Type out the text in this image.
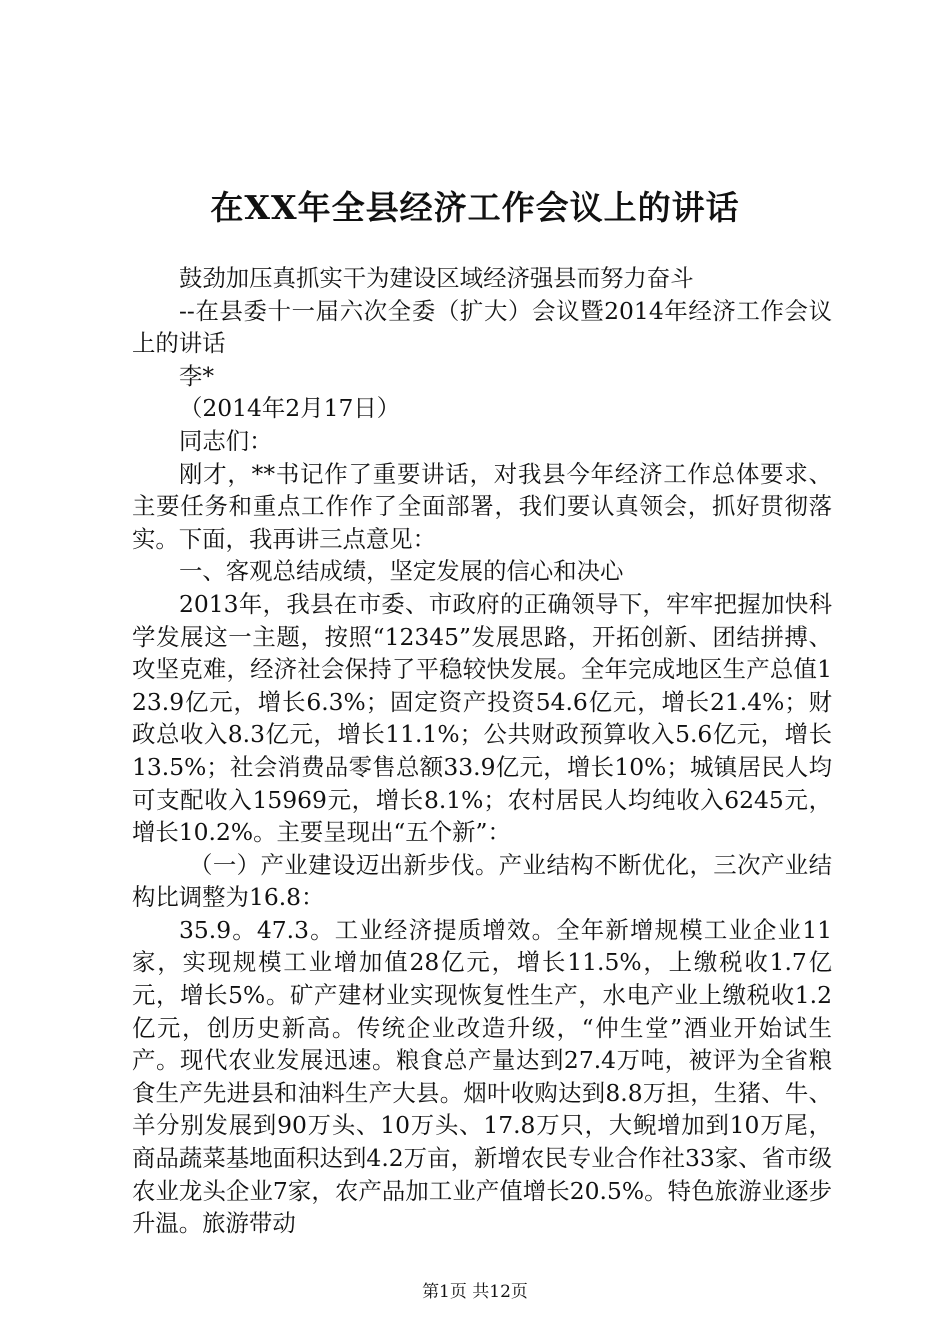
在XX年全县经济工作会议上的讲话

鼓劲加压真抓实干为建设区域经济强县而努力奋斗

--在县委十一届六次全委（扩大）会议暨2014年经济工作会议上的讲话

李*

（2014年2月17日）

同志们：

刚才，**书记作了重要讲话，对我县今年经济工作总体要求、主要任务和重点工作作了全面部署，我们要认真领会，抓好贯彻落实。下面，我再讲三点意见：

一、客观总结成绩，坚定发展的信心和决心

2013年，我县在市委、市政府的正确领导下，牢牢把握加快科学发展这一主题，按照“12345”发展思路，开拓创新、团结拼搏、攻坚克难，经济社会保持了平稳较快发展。全年完成地区生产总值123.9亿元，增长6.3%；固定资产投资54.6亿元，增长21.4%；财政总收入8.3亿元，增长11.1%；公共财政预算收入5.6亿元，增长13.5%；社会消费品零售总额33.9亿元，增长10%；城镇居民人均可支配收入15969元，增长8.1%；农村居民人均纯收入6245元，增长10.2%。主要呈现出“五个新”：

（一）产业建设迈出新步伐。产业结构不断优化，三次产业结构比调整为16.8：

35.9。47.3。工业经济提质增效。全年新增规模工业企业11家，实现规模工业增加值28亿元，增长11.5%，上缴税收1.7亿元，增长5%。矿产建材业实现恢复性生产，水电产业上缴税收1.2亿元，创历史新高。传统企业改造升级，“仲生堂”酒业开始试生产。现代农业发展迅速。粮食总产量达到27.4万吨，被评为全省粮食生产先进县和油料生产大县。烟叶收购达到8.8万担，生猪、牛、羊分别发展到90万头、10万头、17.8万只，大鲵增加到10万尾，商品蔬菜基地面积达到4.2万亩，新增农民专业合作社33家、省市级农业龙头企业7家，农产品加工业产值增长20.5%。特色旅游业逐步升温。旅游带动

第1页 共12页
